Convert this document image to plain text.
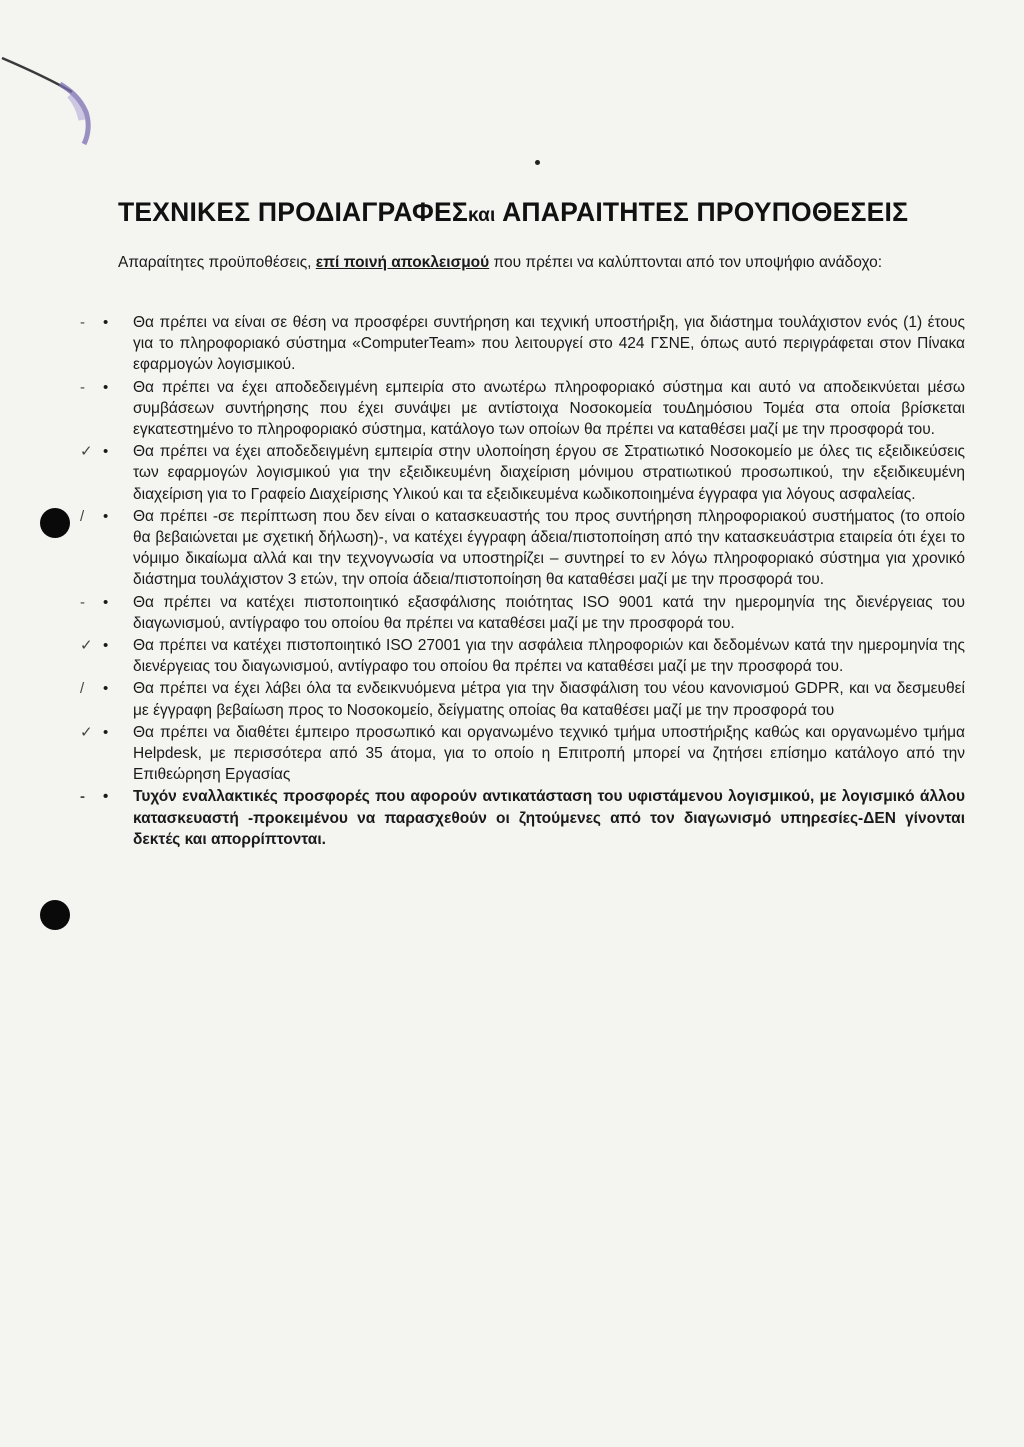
ΤΕΧΝΙΚΕΣ ΠΡΟΔΙΑΓΡΑΦΕΣκαι ΑΠΑΡΑΙΤΗΤΕΣ ΠΡΟΥΠΟΘΕΣΕΙΣ
Απαραίτητες προϋποθέσεις, επί ποινή αποκλεισμού που πρέπει να καλύπτονται από τον υποψήφιο ανάδοχο:
- • Θα πρέπει να είναι σε θέση να προσφέρει συντήρηση και τεχνική υποστήριξη, για διάστημα τουλάχιστον ενός (1) έτους για το πληροφοριακό σύστημα «ComputerTeam» που λειτουργεί στο 424 ΓΣΝΕ, όπως αυτό περιγράφεται στον Πίνακα εφαρμογών λογισμικού.
- • Θα πρέπει να έχει αποδεδειγμένη εμπειρία στο ανωτέρω πληροφοριακό σύστημα και αυτό να αποδεικνύεται μέσω συμβάσεων συντήρησης που έχει συνάψει με αντίστοιχα Νοσοκομεία τουΔημόσιου Τομέα στα οποία βρίσκεται εγκατεστημένο το πληροφοριακό σύστημα, κατάλογο των οποίων θα πρέπει να καταθέσει μαζί με την προσφορά του.
✓ • Θα πρέπει να έχει αποδεδειγμένη εμπειρία στην υλοποίηση έργου σε Στρατιωτικό Νοσοκομείο με όλες τις εξειδικεύσεις των εφαρμογών λογισμικού για την εξειδικευμένη διαχείριση μόνιμου στρατιωτικού προσωπικού, την εξειδικευμένη διαχείριση για το Γραφείο Διαχείρισης Υλικού και τα εξειδικευμένα κωδικοποιημένα έγγραφα για λόγους ασφαλείας.
/ • Θα πρέπει -σε περίπτωση που δεν είναι ο κατασκευαστής του προς συντήρηση πληροφοριακού συστήματος (το οποίο θα βεβαιώνεται με σχετική δήλωση)-, να κατέχει έγγραφη άδεια/πιστοποίηση από την κατασκευάστρια εταιρεία ότι έχει το νόμιμο δικαίωμα αλλά και την τεχνογνωσία να υποστηρίζει – συντηρεί το εν λόγω πληροφοριακό σύστημα για χρονικό διάστημα τουλάχιστον 3 ετών, την οποία άδεια/πιστοποίηση θα καταθέσει μαζί με την προσφορά του.
- • Θα πρέπει να κατέχει πιστοποιητικό εξασφάλισης ποιότητας ISO 9001 κατά την ημερομηνία της διενέργειας του διαγωνισμού, αντίγραφο του οποίου θα πρέπει να καταθέσει μαζί με την προσφορά του.
✓ • Θα πρέπει να κατέχει πιστοποιητικό ISO 27001 για την ασφάλεια πληροφοριών και δεδομένων κατά την ημερομηνία της διενέργειας του διαγωνισμού, αντίγραφο του οποίου θα πρέπει να καταθέσει μαζί με την προσφορά του.
/ • Θα πρέπει να έχει λάβει όλα τα ενδεικνυόμενα μέτρα για την διασφάλιση του νέου κανονισμού GDPR, και να δεσμευθεί με έγγραφη βεβαίωση προς το Νοσοκομείο, δείγματης οποίας θα καταθέσει μαζί με την προσφορά του
✓ • Θα πρέπει να διαθέτει έμπειρο προσωπικό και οργανωμένο τεχνικό τμήμα υποστήριξης καθώς και οργανωμένο τμήμα Helpdesk, με περισσότερα από 35 άτομα, για το οποίο η Επιτροπή μπορεί να ζητήσει επίσημο κατάλογο από την Επιθεώρηση Εργασίας
- • Τυχόν εναλλακτικές προσφορές που αφορούν αντικατάσταση του υφιστάμενου λογισμικού, με λογισμικό άλλου κατασκευαστή -προκειμένου να παρασχεθούν οι ζητούμενες από τον διαγωνισμό υπηρεσίες-ΔΕΝ γίνονται δεκτές και απορρίπτονται.
